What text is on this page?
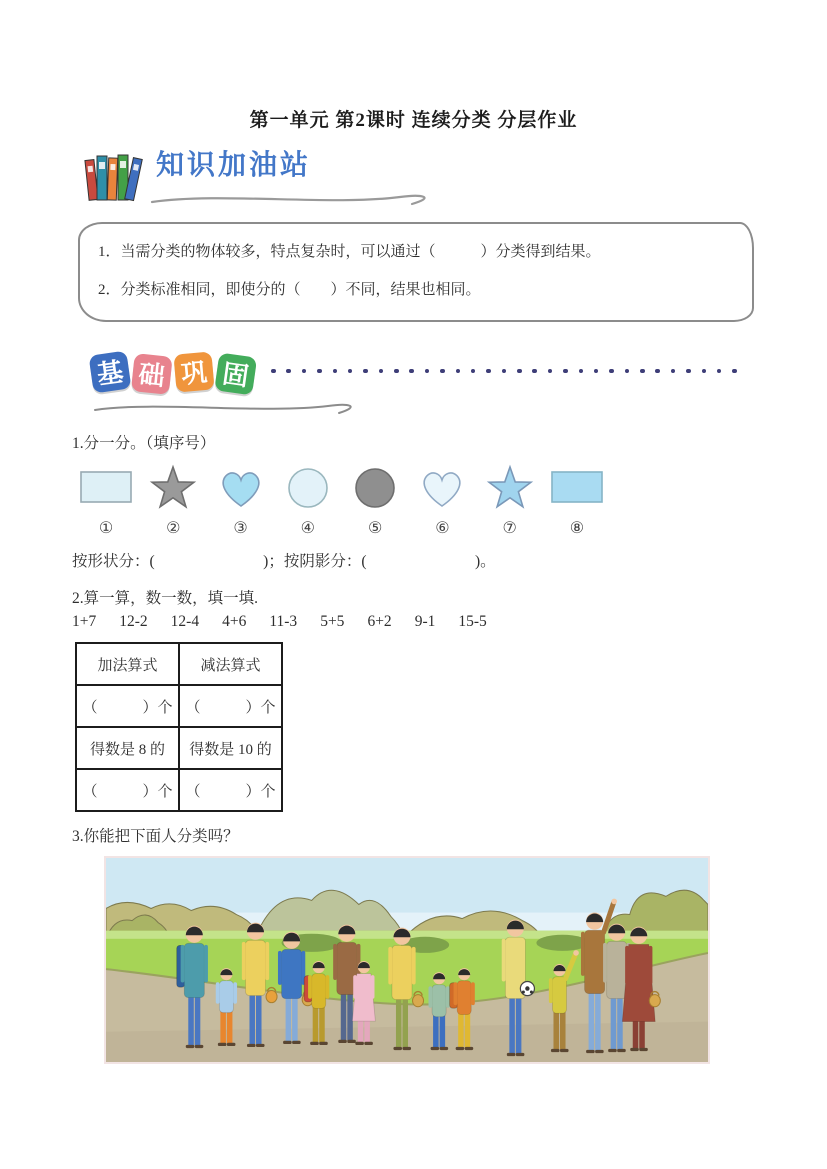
第一单元 第2课时 连续分类 分层作业
知识加油站
1．当需分类的物体较多，特点复杂时，可以通过（　　　）分类得到结果。
2．分类标准相同，即使分的（　　）不同，结果也相同。
基 础 巩 固
1.分一分。（填序号）
①	②	③	④	⑤	⑥	⑦	⑧
按形状分：(　　　　　　　)；按阴影分：(　　　　　　　)。
2.算一算，数一数，填一填.
1+7 12-2 12-4 4+6 11-3 5+5 6+2 9-1 15-5
加法算式	减法算式
（　　　）个	（　　　）个
得数是 8 的	得数是 10 的
（　　　）个	（　　　）个
3.你能把下面人分类吗？
